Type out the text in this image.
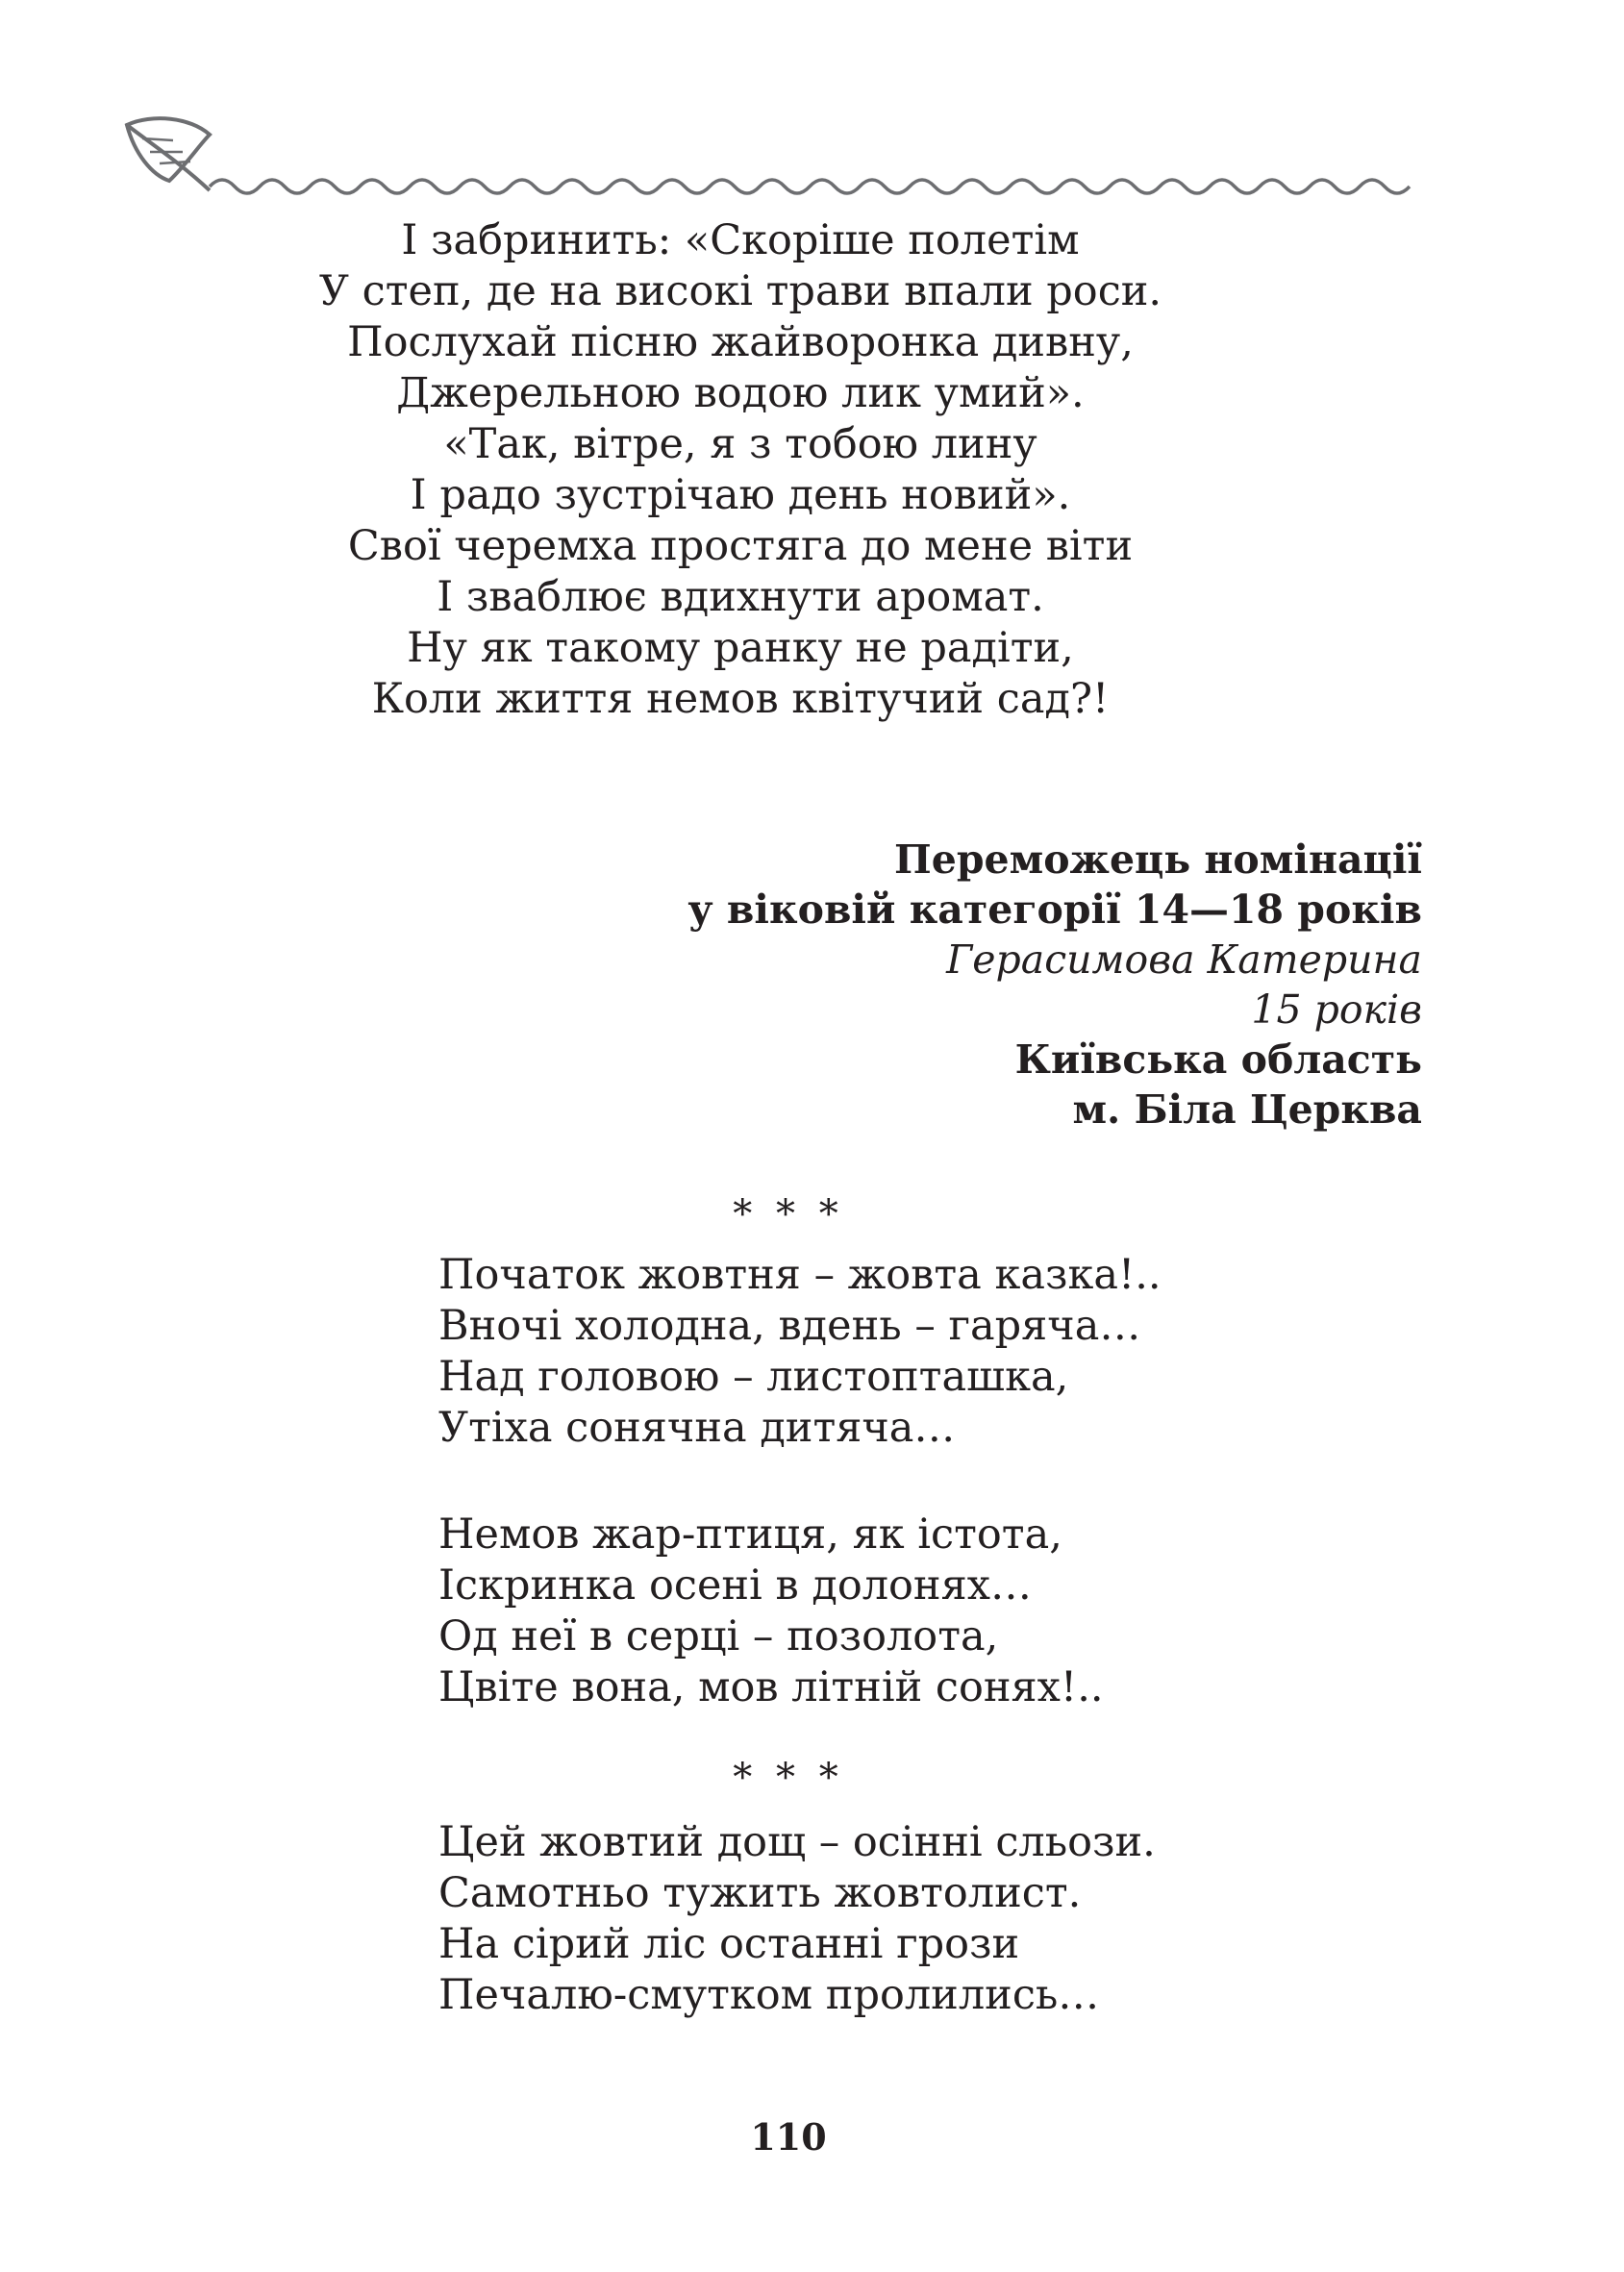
І забринить: «Скоріше полетім
У степ, де на високі трави впали роси.
Послухай пісню жайворонка дивну,
Джерельною водою лик умий».
«Так, вітре, я з тобою лину
І радо зустрічаю день новий».
Свої черемха простяга до мене віти
І зваблює вдихнути аромат.
Ну як такому ранку не радіти,
Коли життя немов квітучий сад?!
Переможець номінації
у віковій категорії 14—18 років
Герасимова Катерина
15 років
Київська область
м. Біла Церква
* * *
Початок жовтня – жовта казка!..
Вночі холодна, вдень – гаряча…
Над головою – листопташка,
Утіха сонячна дитяча…
Немов жар-птиця, як істота,
Іскринка осені в долонях…
Од неї в серці – позолота,
Цвіте вона, мов літній сонях!..
* * *
Цей жовтий дощ – осінні сльози.
Самотньо тужить жовтолист.
На сірий ліс останні грози
Печалю-смутком пролились…
110
